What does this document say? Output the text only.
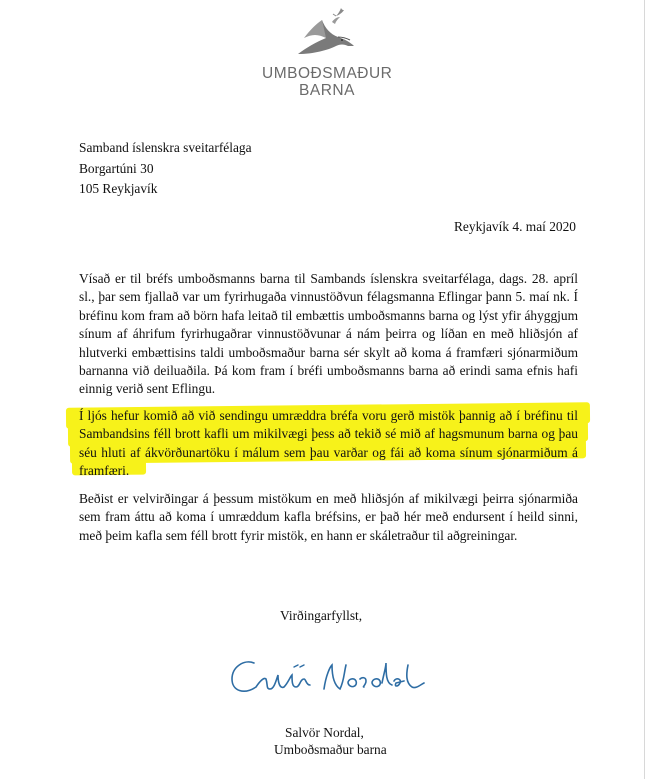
UMBOÐSMAÐUR
BARNA
Samband íslenskra sveitarfélaga
Borgartúni 30
105 Reykjavík
Reykjavík 4. maí 2020

Vísað er til bréfs umboðsmanns barna til Sambands íslenskra sveitarfélaga, dags. 28. apríl sl., þar sem fjallað var um fyrirhugaða vinnustöðvun félagsmanna Eflingar þann 5. maí nk. Í bréfinu kom fram að börn hafa leitað til embættis umboðsmanns barna og lýst yfir áhyggjum sínum af áhrifum fyrirhugaðrar vinnustöðvunar á nám þeirra og líðan en með hliðsjón af hlutverki embættisins taldi umboðsmaður barna sér skylt að koma á framfæri sjónarmiðum barnanna við deiluaðila. Þá kom fram í bréfi umboðsmanns barna að erindi sama efnis hafi einnig verið sent Eflingu.

Í ljós hefur komið að við sendingu umræddra bréfa voru gerð mistök þannig að í bréfinu til Sambandsins féll brott kafli um mikilvægi þess að tekið sé mið af hagsmunum barna og þau séu hluti af ákvörðunartöku í málum sem þau varðar og fái að koma sínum sjónarmiðum á framfæri.

Beðist er velvirðingar á þessum mistökum en með hliðsjón af mikilvægi þeirra sjónarmiða sem fram áttu að koma í umræddum kafla bréfsins, er það hér með endursent í heild sinni, með þeim kafla sem féll brott fyrir mistök, en hann er skáletraður til aðgreiningar.

Virðingarfyllst,
Salvör Nordal,
Umboðsmaður barna
